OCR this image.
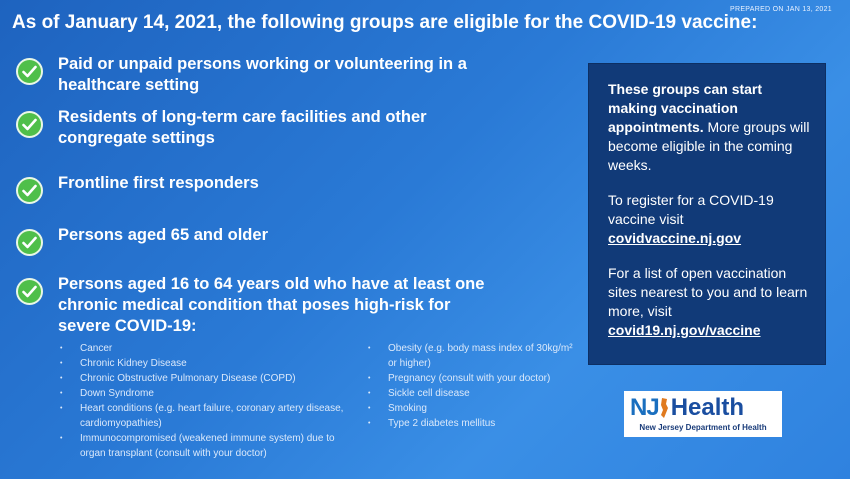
PREPARED ON JAN 13, 2021
As of January 14, 2021, the following groups are eligible for the COVID-19 vaccine:
Paid or unpaid persons working or volunteering in a
healthcare setting
Residents of long-term care facilities and other
congregate settings
Frontline first responders
Persons aged 65 and older
Persons aged 16 to 64 years old who have at least one
chronic medical condition that poses high-risk for
severe COVID-19:
• Cancer
• Chronic Kidney Disease
• Chronic Obstructive Pulmonary Disease (COPD)
• Down Syndrome
• Heart conditions (e.g. heart failure, coronary artery disease, cardiomyopathies)
• Immunocompromised (weakened immune system) due to organ transplant (consult with your doctor)
• Obesity (e.g. body mass index of 30kg/m² or higher)
• Pregnancy (consult with your doctor)
• Sickle cell disease
• Smoking
• Type 2 diabetes mellitus

These groups can start making vaccination appointments. More groups will become eligible in the coming weeks.

To register for a COVID-19 vaccine visit
covidvaccine.nj.gov

For a list of open vaccination sites nearest to you and to learn more, visit
covid19.nj.gov/vaccine

NJ Health
New Jersey Department of Health
